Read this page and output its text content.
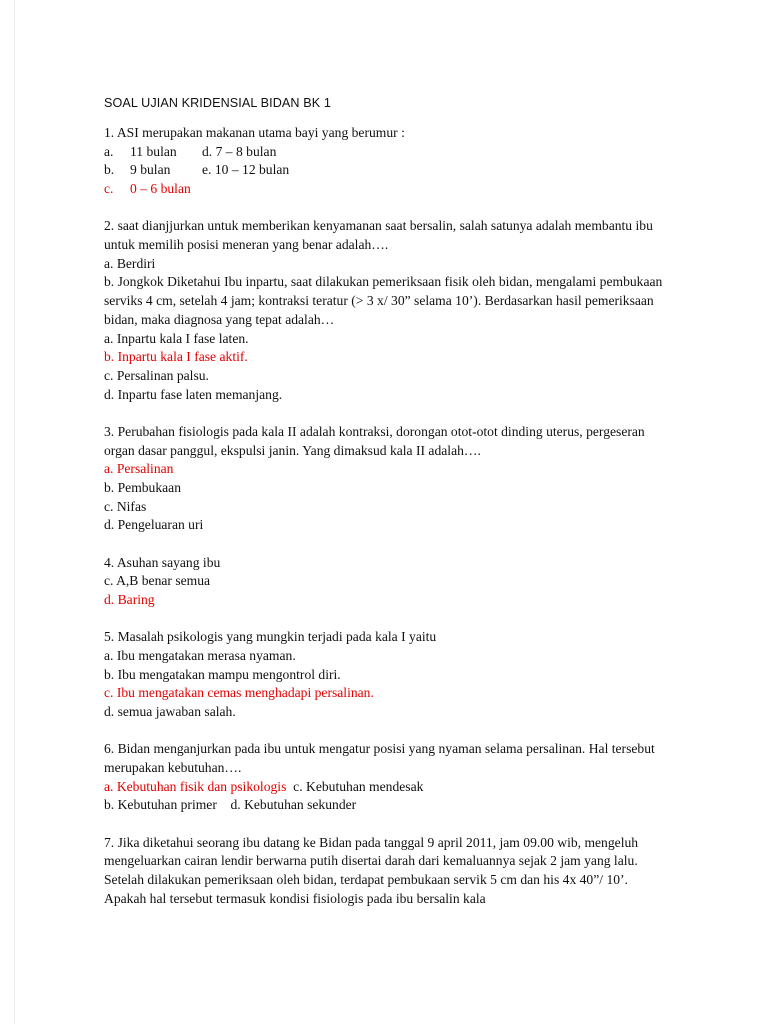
SOAL UJIAN KRIDENSIAL BIDAN BK 1
1. ASI merupakan makanan utama bayi yang berumur :
a. 11 bulan d. 7 – 8 bulan
b. 9 bulan e. 10 – 12 bulan
c. 0 – 6 bulan
2. saat dianjjurkan untuk memberikan kenyamanan saat bersalin, salah satunya adalah membantu ibu untuk memilih posisi meneran yang benar adalah….
a. Berdiri
b. Jongkok Diketahui Ibu inpartu, saat dilakukan pemeriksaan fisik oleh bidan, mengalami pembukaan serviks 4 cm, setelah 4 jam; kontraksi teratur (> 3 x/ 30” selama 10’). Berdasarkan hasil pemeriksaan bidan, maka diagnosa yang tepat adalah…
a. Inpartu kala I fase laten.
b. Inpartu kala I fase aktif.
c. Persalinan palsu.
d. Inpartu fase laten memanjang.
3. Perubahan fisiologis pada kala II adalah kontraksi, dorongan otot-otot dinding uterus, pergeseran organ dasar panggul, ekspulsi janin. Yang dimaksud kala II adalah….
a. Persalinan
b. Pembukaan
c. Nifas
d. Pengeluaran uri
4. Asuhan sayang ibu
c. A,B benar semua
d. Baring
5. Masalah psikologis yang mungkin terjadi pada kala I yaitu
a. Ibu mengatakan merasa nyaman.
b. Ibu mengatakan mampu mengontrol diri.
c. Ibu mengatakan cemas menghadapi persalinan.
d. semua jawaban salah.
6. Bidan menganjurkan pada ibu untuk mengatur posisi yang nyaman selama persalinan. Hal tersebut merupakan kebutuhan….
a. Kebutuhan fisik dan psikologis c. Kebutuhan mendesak
b. Kebutuhan primer d. Kebutuhan sekunder
7. Jika diketahui seorang ibu datang ke Bidan pada tanggal 9 april 2011, jam 09.00 wib, mengeluh mengeluarkan cairan lendir berwarna putih disertai darah dari kemaluannya sejak 2 jam yang lalu. Setelah dilakukan pemeriksaan oleh bidan, terdapat pembukaan servik 5 cm dan his 4x 40”/ 10’. Apakah hal tersebut termasuk kondisi fisiologis pada ibu bersalin kala
